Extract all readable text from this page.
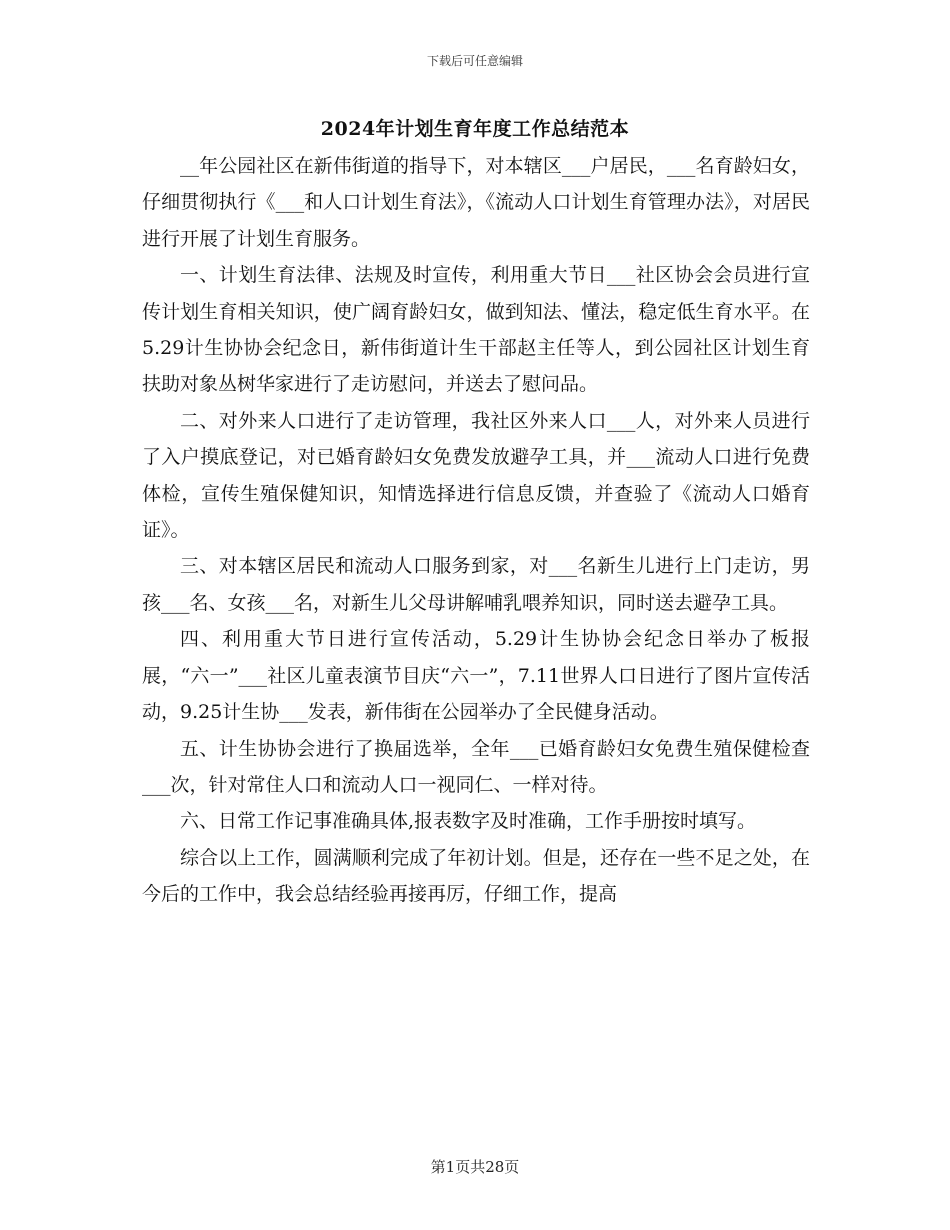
下载后可任意编辑
2024年计划生育年度工作总结范本

__年公园社区在新伟街道的指导下，对本辖区___户居民，___名育龄妇女，仔细贯彻执行《___和人口计划生育法》，《流动人口计划生育管理办法》，对居民进行开展了计划生育服务。

一、计划生育法律、法规及时宣传，利用重大节日___社区协会会员进行宣传计划生育相关知识，使广阔育龄妇女，做到知法、懂法，稳定低生育水平。在5.29计生协协会纪念日，新伟街道计生干部赵主任等人，到公园社区计划生育扶助对象丛树华家进行了走访慰问，并送去了慰问品。

二、对外来人口进行了走访管理，我社区外来人口___人，对外来人员进行了入户摸底登记，对已婚育龄妇女免费发放避孕工具，并___流动人口进行免费体检，宣传生殖保健知识，知情选择进行信息反馈，并查验了《流动人口婚育证》。

三、对本辖区居民和流动人口服务到家，对___名新生儿进行上门走访，男孩___名、女孩___名，对新生儿父母讲解哺乳喂养知识，同时送去避孕工具。

四、利用重大节日进行宣传活动，5.29计生协协会纪念日举办了板报展，“六一”___社区儿童表演节目庆“六一”，7.11世界人口日进行了图片宣传活动，9.25计生协___发表，新伟街在公园举办了全民健身活动。

五、计生协协会进行了换届选举，全年___已婚育龄妇女免费生殖保健检查___次，针对常住人口和流动人口一视同仁、一样对待。

六、日常工作记事准确具体,报表数字及时准确，工作手册按时填写。

综合以上工作，圆满顺利完成了年初计划。但是，还存在一些不足之处，在今后的工作中，我会总结经验再接再厉，仔细工作，提高

第1页共28页
